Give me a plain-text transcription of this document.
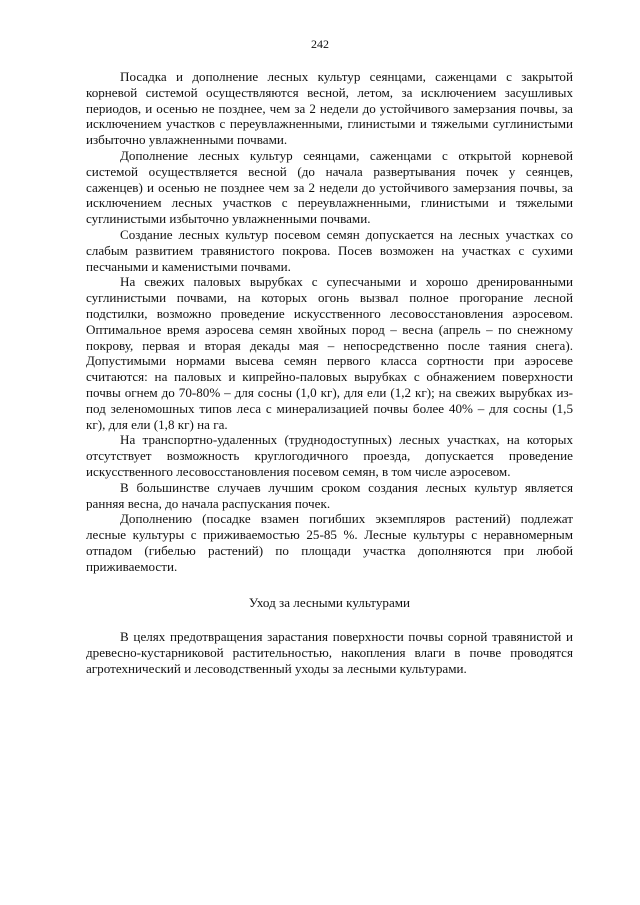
242

Посадка и дополнение лесных культур сеянцами, саженцами с закрытой корневой системой осуществляются весной, летом, за исключением засушливых периодов, и осенью не позднее, чем за 2 недели до устойчивого замерзания почвы, за исключением участков с переувлажненными, глинистыми и тяжелыми суглинистыми избыточно увлажненными почвами.

Дополнение лесных культур сеянцами, саженцами с открытой корневой системой осуществляется весной (до начала развертывания почек у сеянцев, саженцев) и осенью не позднее чем за 2 недели до устойчивого замерзания почвы, за исключением лесных участков с переувлажненными, глинистыми и тяжелыми суглинистыми избыточно увлажненными почвами.

Создание лесных культур посевом семян допускается на лесных участках со слабым развитием травянистого покрова. Посев возможен на участках с сухими песчаными и каменистыми почвами.

На свежих паловых вырубках с супесчаными и хорошо дренированными суглинистыми почвами, на которых огонь вызвал полное прогорание лесной подстилки, возможно проведение искусственного лесовосстановления аэросевом. Оптимальное время аэросева семян хвойных пород – весна (апрель – по снежному покрову, первая и вторая декады мая – непосредственно после таяния снега). Допустимыми нормами высева семян первого класса сортности при аэросеве считаются: на паловых и кипрейно-паловых вырубках с обнажением поверхности почвы огнем до 70-80% – для сосны (1,0 кг), для ели (1,2 кг); на свежих вырубках из-под зеленомошных типов леса с минерализацией почвы более 40% – для сосны (1,5 кг), для ели (1,8 кг) на га.

На транспортно-удаленных (труднодоступных) лесных участках, на которых отсутствует возможность круглогодичного проезда, допускается проведение искусственного лесовосстановления посевом семян, в том числе аэросевом.

В большинстве случаев лучшим сроком создания лесных культур является ранняя весна, до начала распускания почек.

Дополнению (посадке взамен погибших экземпляров растений) подлежат лесные культуры с приживаемостью 25-85 %. Лесные культуры с неравномерным отпадом (гибелью растений) по площади участка дополняются при любой приживаемости.

Уход за лесными культурами

В целях предотвращения зарастания поверхности почвы сорной травянистой и древесно-кустарниковой растительностью, накопления влаги в почве проводятся агротехнический и лесоводственный уходы за лесными культурами.
